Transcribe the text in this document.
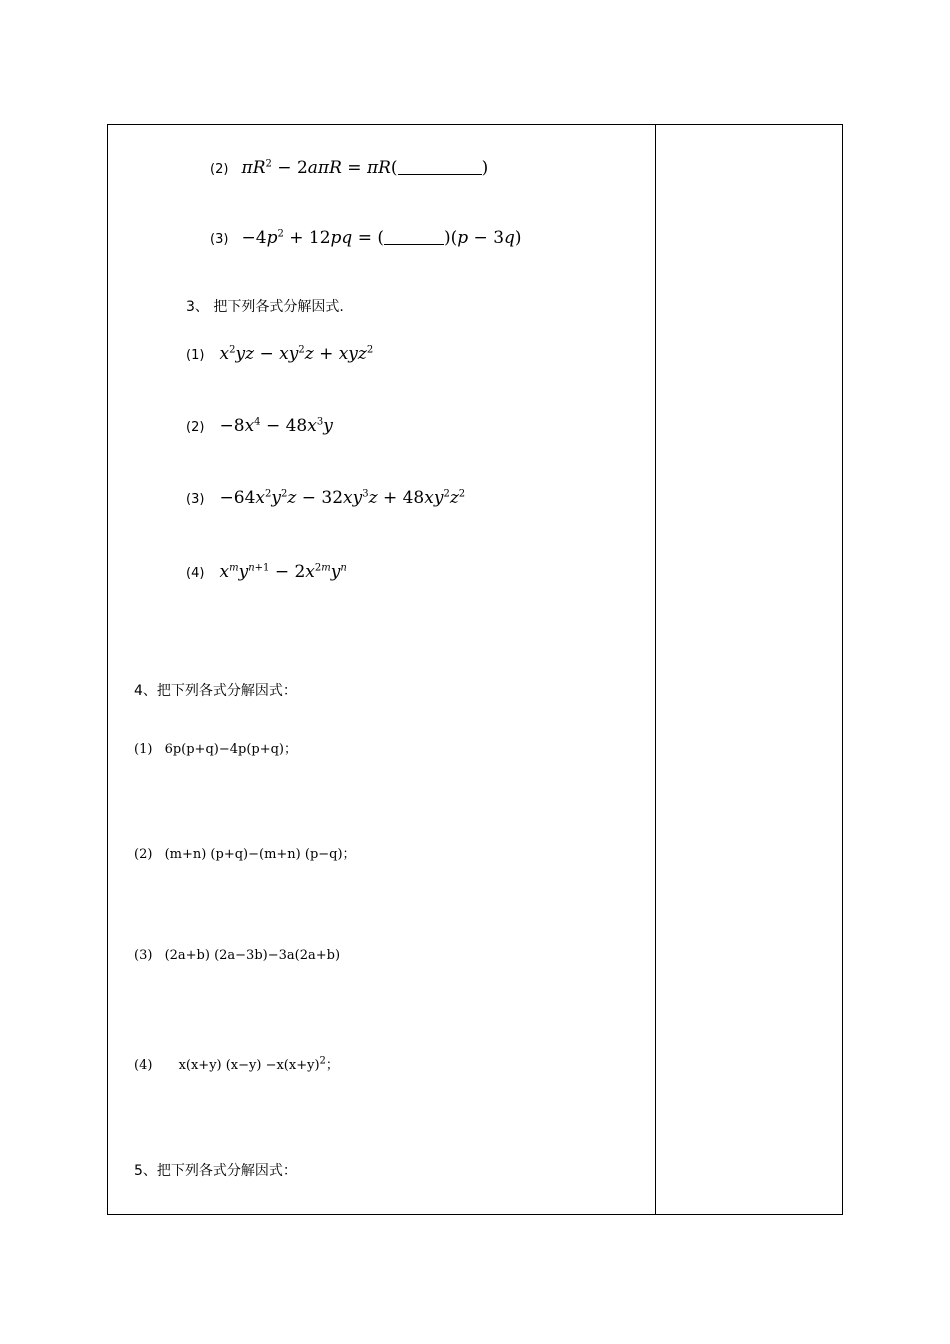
(2) $\pi R^2 - 2a\pi R = \pi R$(	)
$(3) -4p^2 + 12pq$ = (	)(p − 3q)
3、 把下列各式分解因式.
(1) $x^2yz - xy^2z + xyz^2$
$(2) -8x^4 - 48x^3y$
$(3) -64x^2y^2z - 32xy^3z + 48xy^2z^2$
(4) $x^my^{n+1} - 2x^{2m}y^n$
4、把下列各式分解因式：
(1) 6p(p+q)−4p(p+q)；
(2) (m+n) (p+q)−(m+n) (p−q)；
(3) (2a+b) (2a−3b)−3a(2a+b)
(4) x(x+y) $(x-y) -x(x+y)^2$；
5、把下列各式分解因式：
